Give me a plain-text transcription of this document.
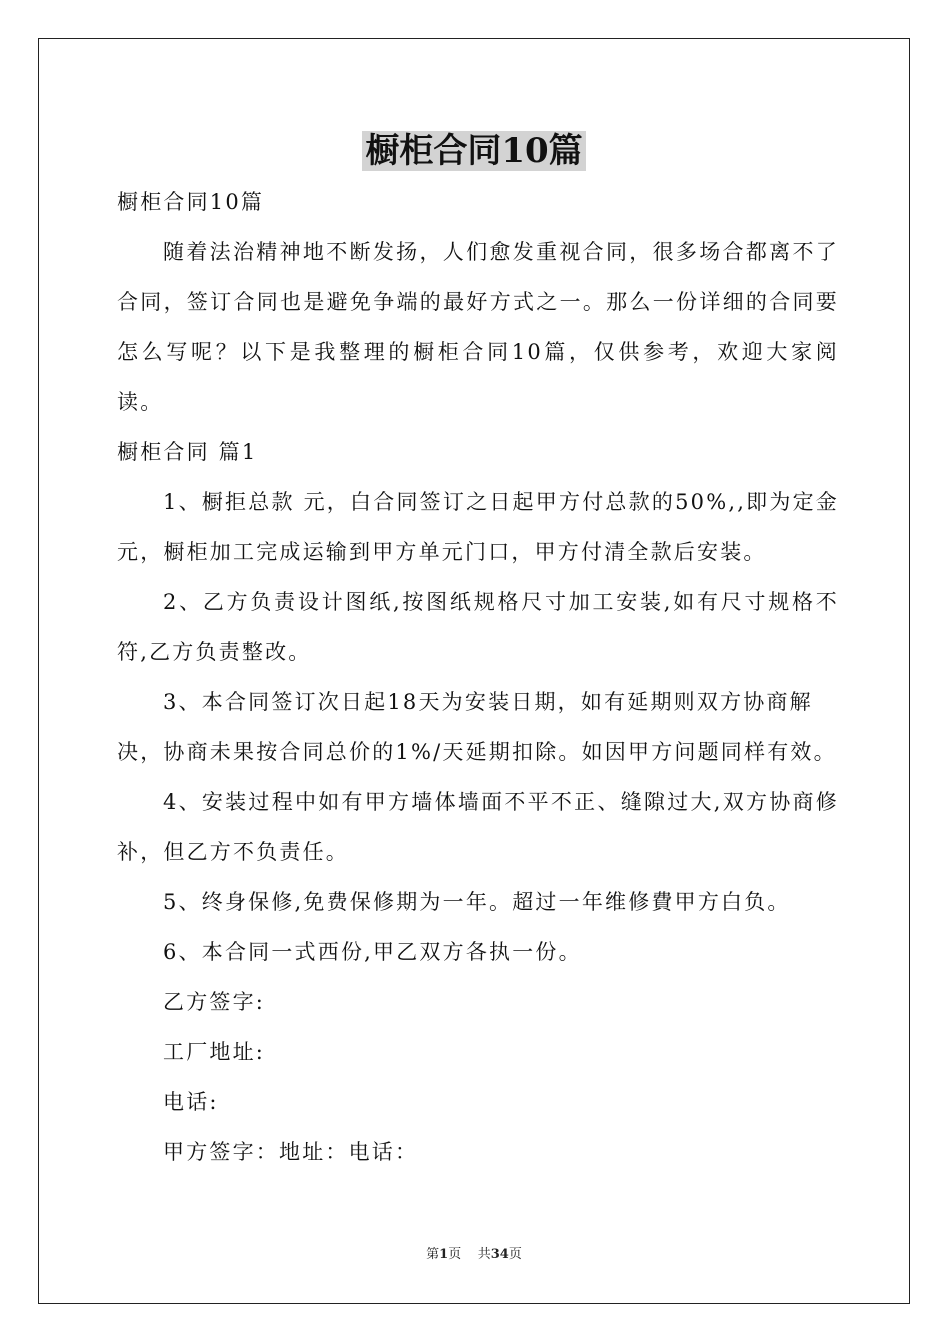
橱柜合同10篇

橱柜合同10篇

随着法治精神地不断发扬，人们愈发重视合同，很多场合都离不了合同，签订合同也是避免争端的最好方式之一。那么一份详细的合同要怎么写呢？以下是我整理的橱柜合同10篇，仅供参考，欢迎大家阅读。

橱柜合同 篇1

1、橱拒总款 元，白合同签订之日起甲方付总款的50%,,即为定金 元，橱柜加工完成运输到甲方单元门口，甲方付清全款后安装。

2、乙方负责设计图纸,按图纸规格尺寸加工安装,如有尺寸规格不符,乙方负责整改。

3、本合同签订次日起18天为安装日期，如有延期则双方协商解决，协商未果按合同总价的1%/天延期扣除。如因甲方问题同样有效。

4、安装过程中如有甲方墙体墙面不平不正、缝隙过大,双方协商修补，但乙方不负责任。

5、终身保修,免费保修期为一年。超过一年维修費甲方白负。

6、本合同一式西份,甲乙双方各执一份。

乙方签字:

工厂地址:

电话:

甲方签字：地址：电话：

第1页 共34页
